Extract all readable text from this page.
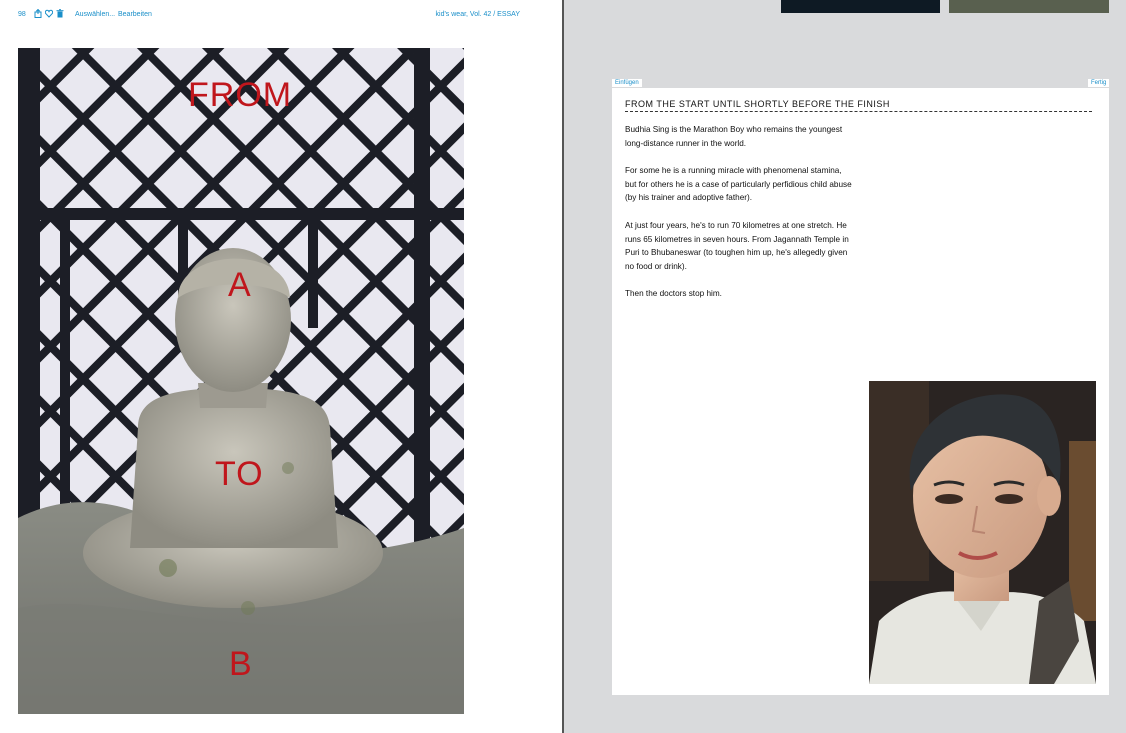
98	Auswählen... Bearbeiten	kid's wear, Vol. 42 / ESSAY
FROM
A
TO
B
FROM THE START UNTIL SHORTLY BEFORE THE FINISH

Budhia Sing is the Marathon Boy who remains the youngest long-distance runner in the world.

For some he is a running miracle with phenomenal stamina, but for others he is a case of particularly perfidious child abuse (by his trainer and adoptive father).

At just four years, he's to run 70 kilometres at one stretch. He runs 65 kilometres in seven hours. From Jagannath Temple in Puri to Bhubaneswar (to toughen him up, he's allegedly given no food or drink).

Then the doctors stop him.

Einfügen	Fertig
